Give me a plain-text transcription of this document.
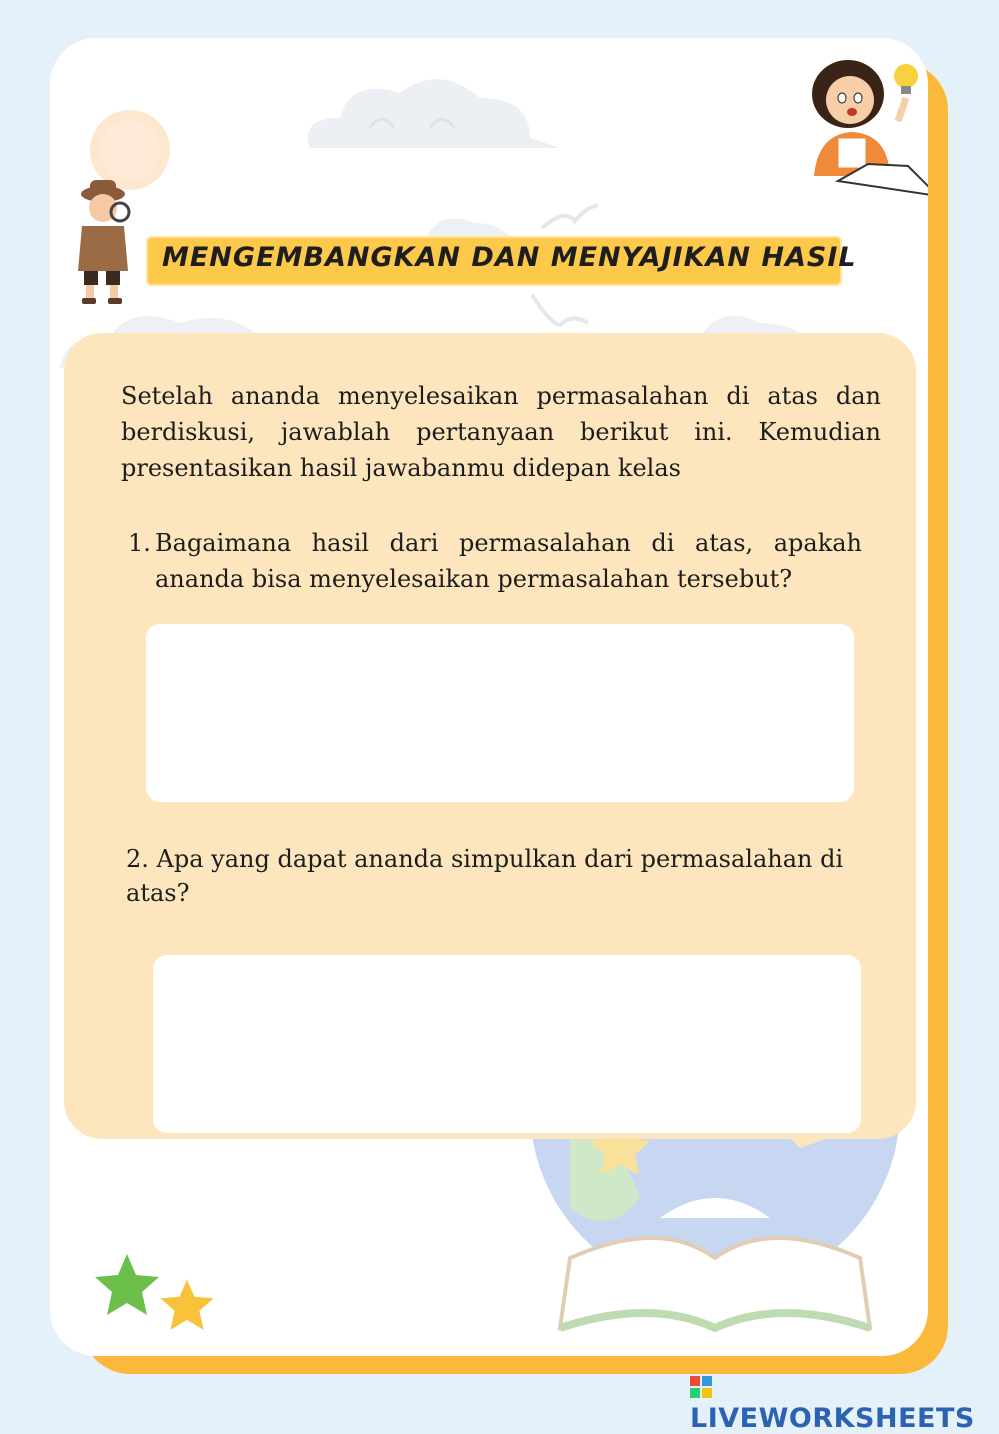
MENGEMBANGKAN DAN MENYAJIKAN HASIL
Setelah ananda menyelesaikan permasalahan di atas dan berdiskusi, jawablah pertanyaan berikut ini. Kemudian presentasikan hasil jawabanmu didepan kelas
1. Bagaimana hasil dari permasalahan di atas, apakah ananda bisa menyelesaikan permasalahan tersebut?
2. Apa yang dapat ananda simpulkan dari permasalahan di atas?
LIVEWORKSHEETS
